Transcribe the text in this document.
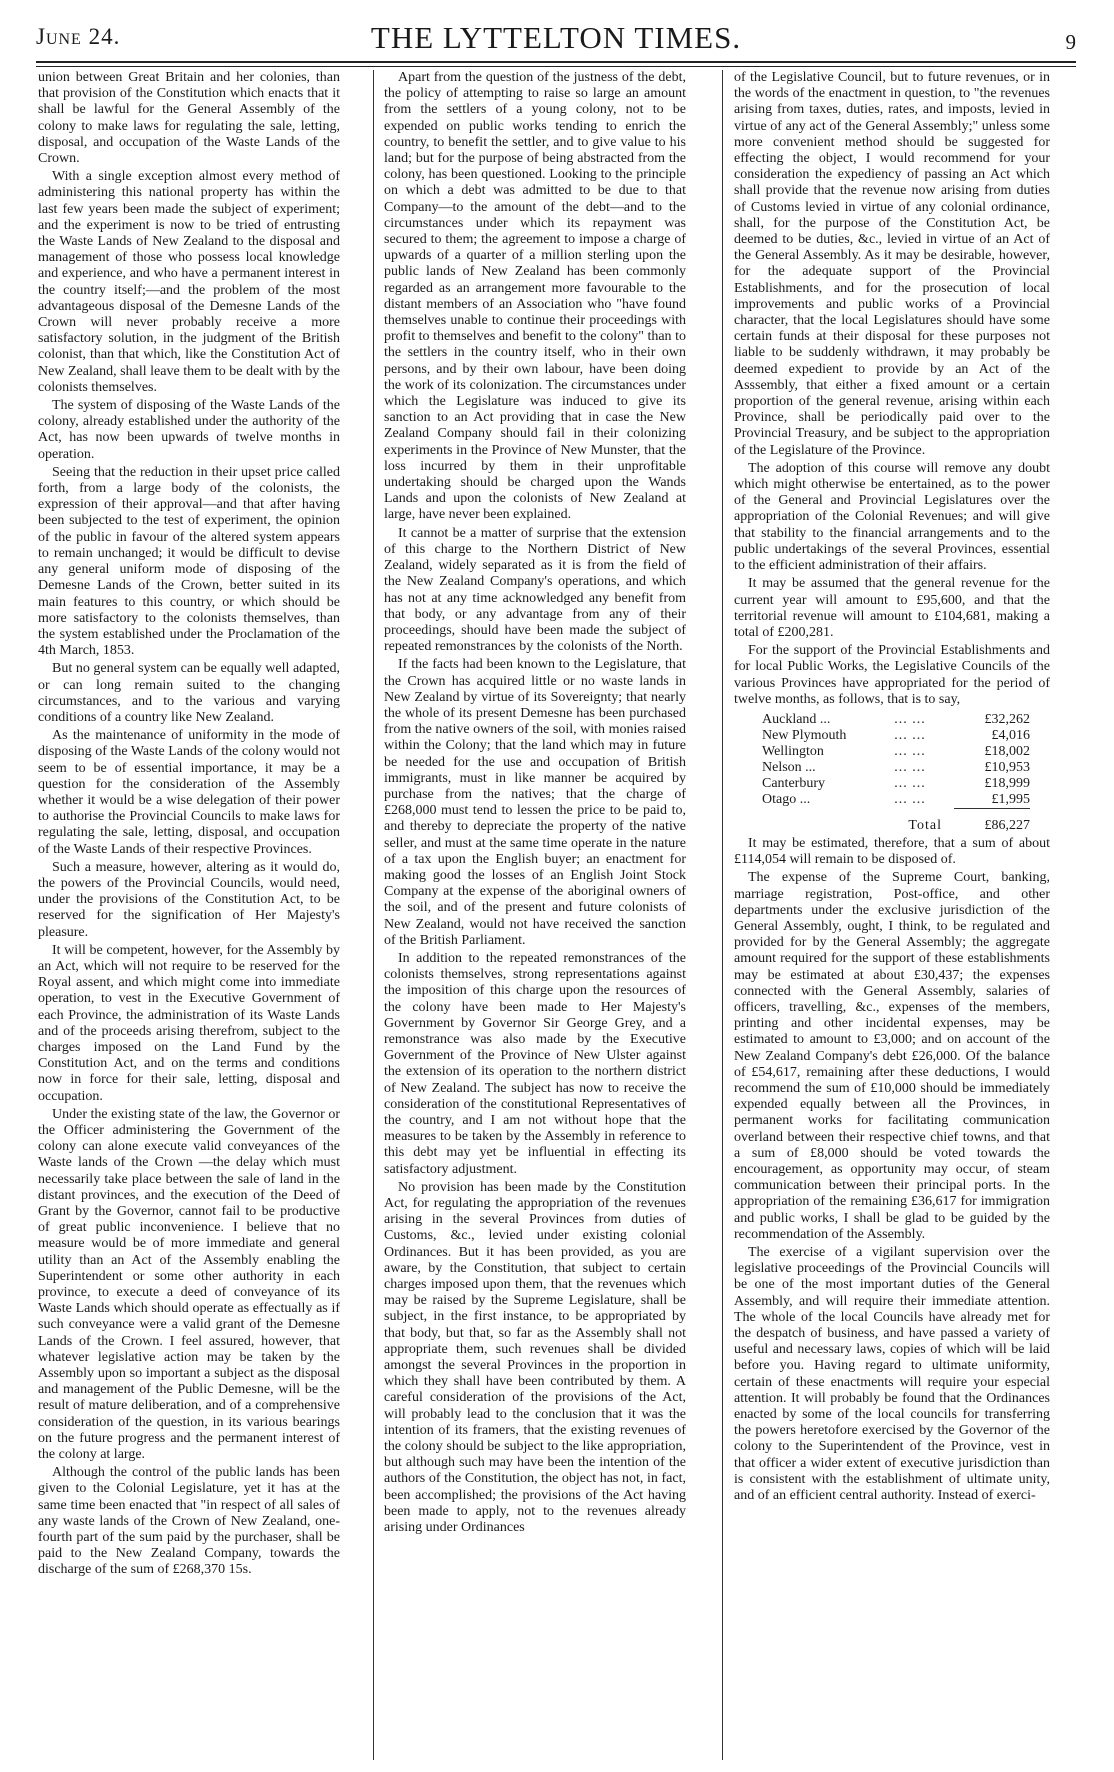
June 24.	THE LYTTELTON TIMES.	9

union between Great Britain and her colonies, than that provision of the Constitution which enacts that it shall be lawful for the General Assembly of the colony to make laws for regulating the sale, letting, disposal, and occupation of the Waste Lands of the Crown.

With a single exception almost every method of administering this national property has within the last few years been made the subject of experiment; and the experiment is now to be tried of entrusting the Waste Lands of New Zealand to the disposal and management of those who possess local knowledge and experience, and who have a permanent interest in the country itself;—and the problem of the most advantageous disposal of the Demesne Lands of the Crown will never probably receive a more satisfactory solution, in the judgment of the British colonist, than that which, like the Constitution Act of New Zealand, shall leave them to be dealt with by the colonists themselves.

The system of disposing of the Waste Lands of the colony, already established under the authority of the Act, has now been upwards of twelve months in operation.

Seeing that the reduction in their upset price called forth, from a large body of the colonists, the expression of their approval—and that after having been subjected to the test of experiment, the opinion of the public in favour of the altered system appears to remain unchanged; it would be difficult to devise any general uniform mode of disposing of the Demesne Lands of the Crown, better suited in its main features to this country, or which should be more satisfactory to the colonists themselves, than the system established under the Proclamation of the 4th March, 1853.

But no general system can be equally well adapted, or can long remain suited to the changing circumstances, and to the various and varying conditions of a country like New Zealand.

As the maintenance of uniformity in the mode of disposing of the Waste Lands of the colony would not seem to be of essential importance, it may be a question for the consideration of the Assembly whether it would be a wise delegation of their power to authorise the Provincial Councils to make laws for regulating the sale, letting, disposal, and occupation of the Waste Lands of their respective Provinces.

Such a measure, however, altering as it would do, the powers of the Provincial Councils, would need, under the provisions of the Constitution Act, to be reserved for the signification of Her Majesty's pleasure.

It will be competent, however, for the Assembly by an Act, which will not require to be reserved for the Royal assent, and which might come into immediate operation, to vest in the Executive Government of each Province, the administration of its Waste Lands and of the proceeds arising therefrom, subject to the charges imposed on the Land Fund by the Constitution Act, and on the terms and conditions now in force for their sale, letting, disposal and occupation.

Under the existing state of the law, the Governor or the Officer administering the Government of the colony can alone execute valid conveyances of the Waste lands of the Crown —the delay which must necessarily take place between the sale of land in the distant provinces, and the execution of the Deed of Grant by the Governor, cannot fail to be productive of great public inconvenience. I believe that no measure would be of more immediate and general utility than an Act of the Assembly enabling the Superintendent or some other authority in each province, to execute a deed of conveyance of its Waste Lands which should operate as effectually as if such conveyance were a valid grant of the Demesne Lands of the Crown. I feel assured, however, that whatever legislative action may be taken by the Assembly upon so important a subject as the disposal and management of the Public Demesne, will be the result of mature deliberation, and of a comprehensive consideration of the question, in its various bearings on the future progress and the permanent interest of the colony at large.

Although the control of the public lands has been given to the Colonial Legislature, yet it has at the same time been enacted that "in respect of all sales of any waste lands of the Crown of New Zealand, one-fourth part of the sum paid by the purchaser, shall be paid to the New Zealand Company, towards the discharge of the sum of £268,370 15s.

Apart from the question of the justness of the debt, the policy of attempting to raise so large an amount from the settlers of a young colony, not to be expended on public works tending to enrich the country, to benefit the settler, and to give value to his land; but for the purpose of being abstracted from the colony, has been questioned. Looking to the principle on which a debt was admitted to be due to that Company—to the amount of the debt—and to the circumstances under which its repayment was secured to them; the agreement to impose a charge of upwards of a quarter of a million sterling upon the public lands of New Zealand has been commonly regarded as an arrangement more favourable to the distant members of an Association who "have found themselves unable to continue their proceedings with profit to themselves and benefit to the colony" than to the settlers in the country itself, who in their own persons, and by their own labour, have been doing the work of its colonization. The circumstances under which the Legislature was induced to give its sanction to an Act providing that in case the New Zealand Company should fail in their colonizing experiments in the Province of New Munster, that the loss incurred by them in their unprofitable undertaking should be charged upon the Wands Lands and upon the colonists of New Zealand at large, have never been explained.

It cannot be a matter of surprise that the extension of this charge to the Northern District of New Zealand, widely separated as it is from the field of the New Zealand Company's operations, and which has not at any time acknowledged any benefit from that body, or any advantage from any of their proceedings, should have been made the subject of repeated remonstrances by the colonists of the North.

If the facts had been known to the Legislature, that the Crown has acquired little or no waste lands in New Zealand by virtue of its Sovereignty; that nearly the whole of its present Demesne has been purchased from the native owners of the soil, with monies raised within the Colony; that the land which may in future be needed for the use and occupation of British immigrants, must in like manner be acquired by purchase from the natives; that the charge of £268,000 must tend to lessen the price to be paid to, and thereby to depreciate the property of the native seller, and must at the same time operate in the nature of a tax upon the English buyer; an enactment for making good the losses of an English Joint Stock Company at the expense of the aboriginal owners of the soil, and of the present and future colonists of New Zealand, would not have received the sanction of the British Parliament.

In addition to the repeated remonstrances of the colonists themselves, strong representations against the imposition of this charge upon the resources of the colony have been made to Her Majesty's Government by Governor Sir George Grey, and a remonstrance was also made by the Executive Government of the Province of New Ulster against the extension of its operation to the northern district of New Zealand. The subject has now to receive the consideration of the constitutional Representatives of the country, and I am not without hope that the measures to be taken by the Assembly in reference to this debt may yet be influential in effecting its satisfactory adjustment.

No provision has been made by the Constitution Act, for regulating the appropriation of the revenues arising in the several Provinces from duties of Customs, &c., levied under existing colonial Ordinances. But it has been provided, as you are aware, by the Constitution, that subject to certain charges imposed upon them, that the revenues which may be raised by the Supreme Legislature, shall be subject, in the first instance, to be appropriated by that body, but that, so far as the Assembly shall not appropriate them, such revenues shall be divided amongst the several Provinces in the proportion in which they shall have been contributed by them. A careful consideration of the provisions of the Act, will probably lead to the conclusion that it was the intention of its framers, that the existing revenues of the colony should be subject to the like appropriation, but although such may have been the intention of the authors of the Constitution, the object has not, in fact, been accomplished; the provisions of the Act having been made to apply, not to the revenues already arising under Ordinances

of the Legislative Council, but to future revenues, or in the words of the enactment in question, to "the revenues arising from taxes, duties, rates, and imposts, levied in virtue of any act of the General Assembly;" unless some more convenient method should be suggested for effecting the object, I would recommend for your consideration the expediency of passing an Act which shall provide that the revenue now arising from duties of Customs levied in virtue of any colonial ordinance, shall, for the purpose of the Constitution Act, be deemed to be duties, &c., levied in virtue of an Act of the General Assembly. As it may be desirable, however, for the adequate support of the Provincial Establishments, and for the prosecution of local improvements and public works of a Provincial character, that the local Legislatures should have some certain funds at their disposal for these purposes not liable to be suddenly withdrawn, it may probably be deemed expedient to provide by an Act of the Asssembly, that either a fixed amount or a certain proportion of the general revenue, arising within each Province, shall be periodically paid over to the Provincial Treasury, and be subject to the appropriation of the Legislature of the Province.

The adoption of this course will remove any doubt which might otherwise be entertained, as to the power of the General and Provincial Legislatures over the appropriation of the Colonial Revenues; and will give that stability to the financial arrangements and to the public undertakings of the several Provinces, essential to the efficient administration of their affairs.

It may be assumed that the general revenue for the current year will amount to £95,600, and that the territorial revenue will amount to £104,681, making a total of £200,281.

For the support of the Provincial Establishments and for local Public Works, the Legislative Councils of the various Provinces have appropriated for the period of twelve months, as follows, that is to say,

Auckland ...	... ...	£32,262
New Plymouth	... ...	£4,016
Wellington	... ...	£18,002
Nelson ...	... ...	£10,953
Canterbury	... ...	£18,999
Otago ...	... ...	£1,995

	Total	£86,227

It may be estimated, therefore, that a sum of about £114,054 will remain to be disposed of.

The expense of the Supreme Court, banking, marriage registration, Post-office, and other departments under the exclusive jurisdiction of the General Assembly, ought, I think, to be regulated and provided for by the General Assembly; the aggregate amount required for the support of these establishments may be estimated at about £30,437; the expenses connected with the General Assembly, salaries of officers, travelling, &c., expenses of the members, printing and other incidental expenses, may be estimated to amount to £3,000; and on account of the New Zealand Company's debt £26,000. Of the balance of £54,617, remaining after these deductions, I would recommend the sum of £10,000 should be immediately expended equally between all the Provinces, in permanent works for facilitating communication overland between their respective chief towns, and that a sum of £8,000 should be voted towards the encouragement, as opportunity may occur, of steam communication between their principal ports. In the appropriation of the remaining £36,617 for immigration and public works, I shall be glad to be guided by the recommendation of the Assembly.

The exercise of a vigilant supervision over the legislative proceedings of the Provincial Councils will be one of the most important duties of the General Assembly, and will require their immediate attention. The whole of the local Councils have already met for the despatch of business, and have passed a variety of useful and necessary laws, copies of which will be laid before you. Having regard to ultimate uniformity, certain of these enactments will require your especial attention. It will probably be found that the Ordinances enacted by some of the local councils for transferring the powers heretofore exercised by the Governor of the colony to the Superintendent of the Province, vest in that officer a wider extent of executive jurisdiction than is consistent with the establishment of ultimate unity, and of an efficient central authority. Instead of exerci-
